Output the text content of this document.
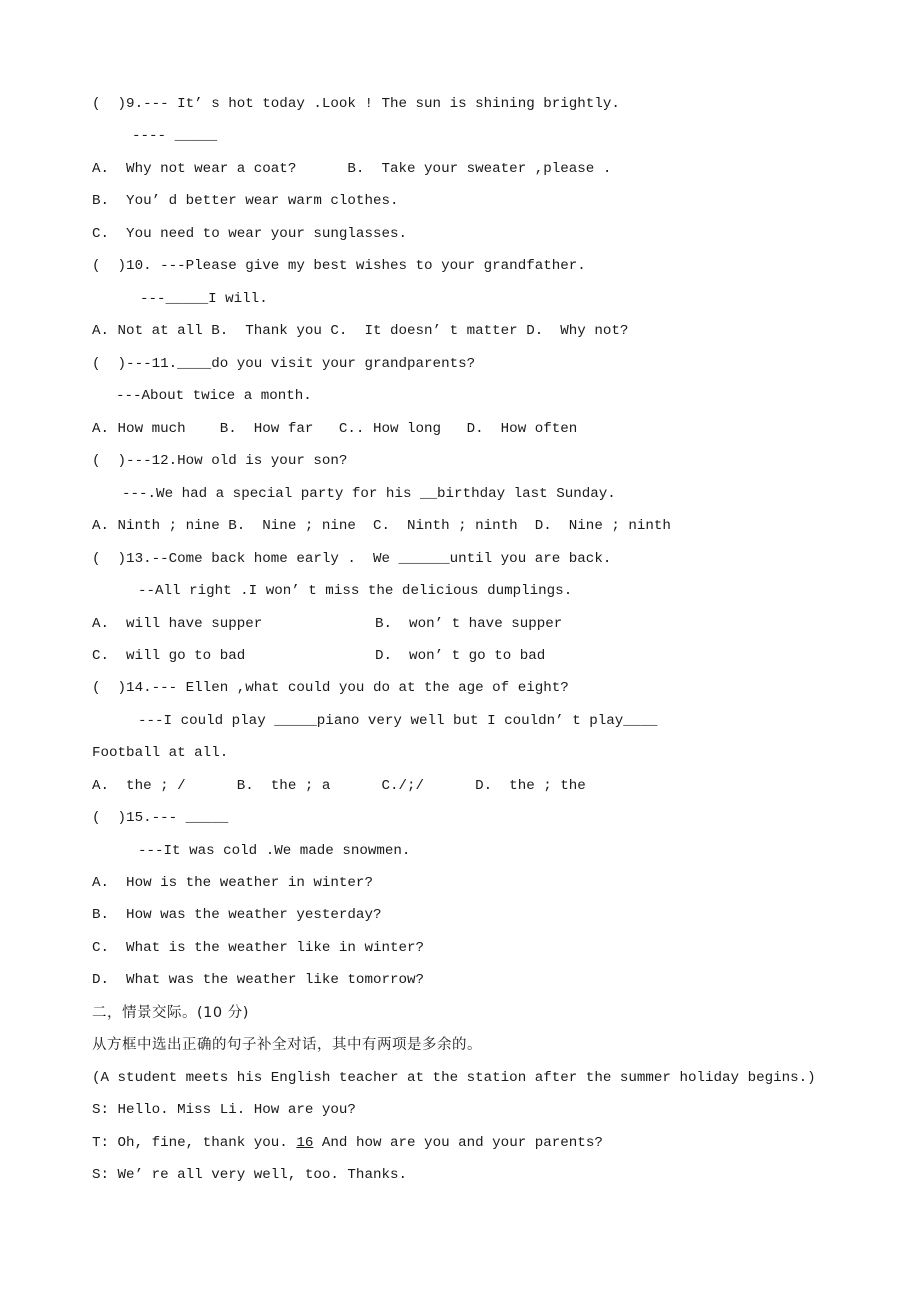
(  )9.--- It’ s hot today .Look ! The sun is shining brightly.
---- _____
A.  Why not wear a coat?      B.  Take your sweater ,please .
B.  You’ d better wear warm clothes.
C.  You need to wear your sunglasses.
(  )10. ---Please give my best wishes to your grandfather.
---_____I will.
A. Not at all B.  Thank you C.  It doesn’ t matter D.  Why not?
(  )---11.____do you visit your grandparents?
---About twice a month.
A. How much    B.  How far   C.. How long   D.  How often
(  )---12.How old is your son?
---.We had a special party for his __birthday last Sunday.
A. Ninth ; nine B.  Nine ; nine  C.  Ninth ; ninth  D.  Nine ; ninth
(  )13.--Come back home early .  We ______until you are back.
--All right .I won’ t miss the delicious dumplings.
A.  will have supper	B.  won’ t have supper
C.  will go to bad	D.  won’ t go to bad
(  )14.--- Ellen ,what could you do at the age of eight?
---I could play _____piano very well but I couldn’ t play____
Football at all.
A.  the ; /      B.  the ; a      C./;/      D.  the ; the
(  )15.--- _____
---It was cold .We made snowmen.
A.  How is the weather in winter?
B.  How was the weather yesterday?
C.  What is the weather like in winter?
D.  What was the weather like tomorrow?
二，情景交际。(10 分)
从方框中选出正确的句子补全对话，其中有两项是多余的。
(A student meets his English teacher at the station after the summer holiday begins.)
S: Hello. Miss Li. How are you?
T: Oh, fine, thank you. 16 And how are you and your parents?
S: We’ re all very well, too. Thanks.
